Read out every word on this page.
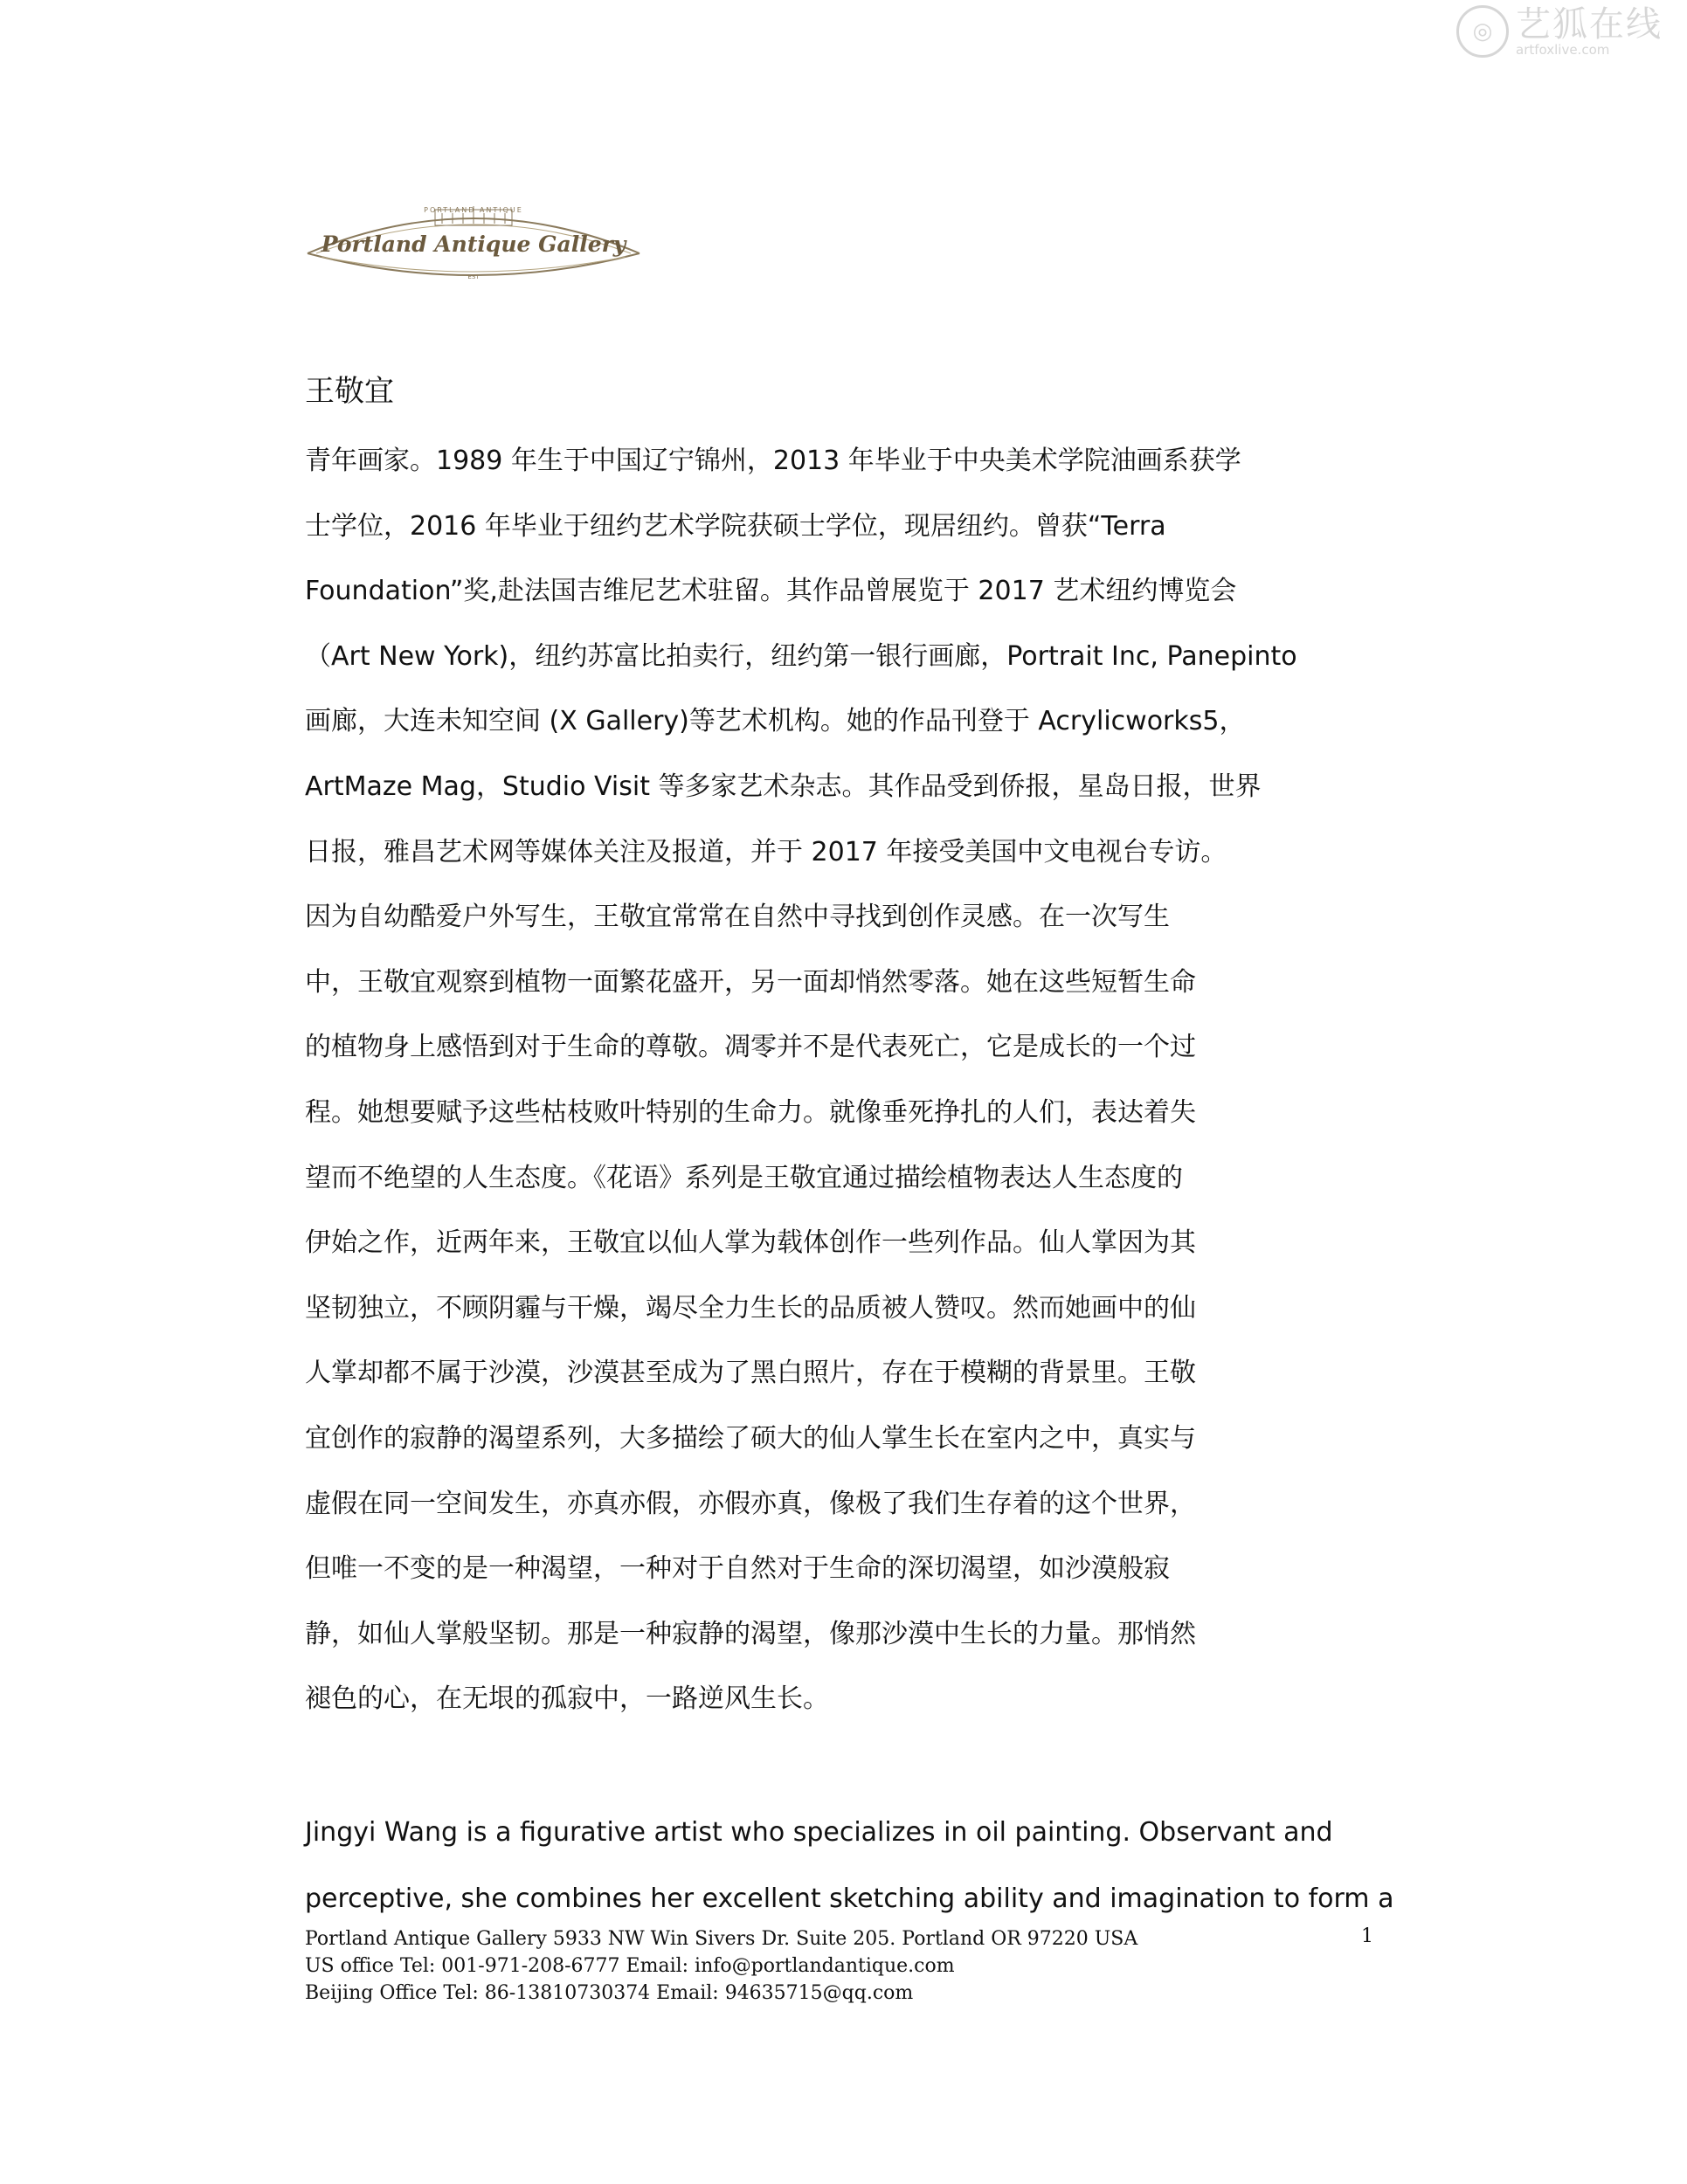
◎ 艺狐在线
artfoxlive.com
PORTLAND ANTIQUE
Portland Antique Gallery
EST
王敬宜
青年画家。1989 年生于中国辽宁锦州，2013 年毕业于中央美术学院油画系获学
士学位，2016 年毕业于纽约艺术学院获硕士学位，现居纽约。曾获“Terra
Foundation”奖,赴法国吉维尼艺术驻留。其作品曾展览于 2017 艺术纽约博览会
（Art New York)，纽约苏富比拍卖行，纽约第一银行画廊，Portrait Inc, Panepinto
画廊，大连未知空间 (X Gallery)等艺术机构。她的作品刊登于 Acrylicworks5，
ArtMaze Mag，Studio Visit 等多家艺术杂志。其作品受到侨报，星岛日报，世界
日报，雅昌艺术网等媒体关注及报道，并于 2017 年接受美国中文电视台专访。
因为自幼酷爱户外写生，王敬宜常常在自然中寻找到创作灵感。在一次写生
中，王敬宜观察到植物一面繁花盛开，另一面却悄然零落。她在这些短暂生命
的植物身上感悟到对于生命的尊敬。凋零并不是代表死亡，它是成长的一个过
程。她想要赋予这些枯枝败叶特别的生命力。就像垂死挣扎的人们，表达着失
望而不绝望的人生态度。《花语》系列是王敬宜通过描绘植物表达人生态度的
伊始之作，近两年来，王敬宜以仙人掌为载体创作一些列作品。仙人掌因为其
坚韧独立，不顾阴霾与干燥，竭尽全力生长的品质被人赞叹。然而她画中的仙
人掌却都不属于沙漠，沙漠甚至成为了黑白照片，存在于模糊的背景里。王敬
宜创作的寂静的渴望系列，大多描绘了硕大的仙人掌生长在室内之中，真实与
虚假在同一空间发生，亦真亦假，亦假亦真，像极了我们生存着的这个世界，
但唯一不变的是一种渴望，一种对于自然对于生命的深切渴望，如沙漠般寂
静，如仙人掌般坚韧。那是一种寂静的渴望，像那沙漠中生长的力量。那悄然
褪色的心，在无垠的孤寂中，一路逆风生长。
Jingyi Wang is a figurative artist who specializes in oil painting. Observant and
perceptive, she combines her excellent sketching ability and imagination to form a
Portland Antique Gallery 5933 NW Win Sivers Dr. Suite 205. Portland OR 97220 USA
US office Tel: 001-971-208-6777 Email: info@portlandantique.com
Beijing Office Tel: 86-13810730374 Email: 94635715@qq.com
1
